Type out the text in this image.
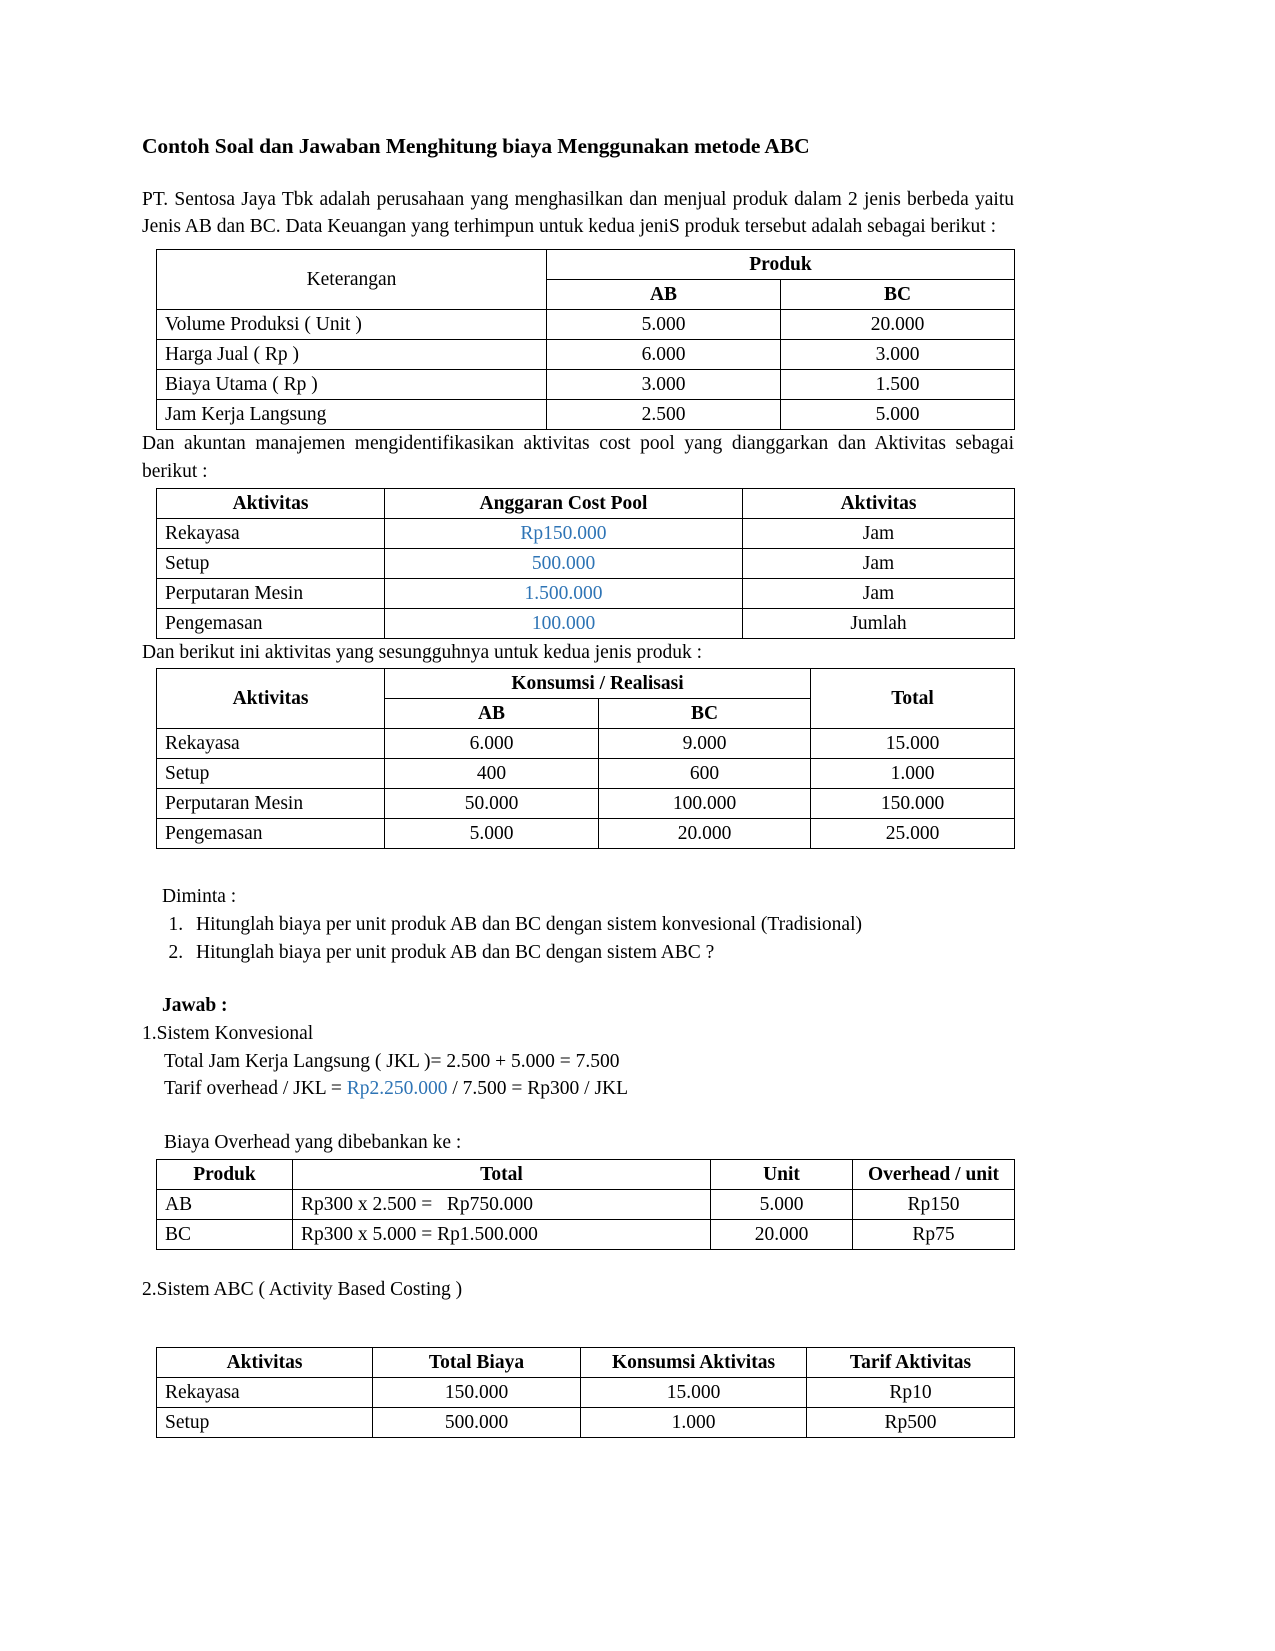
Contoh Soal dan Jawaban Menghitung biaya Menggunakan metode ABC

PT. Sentosa Jaya Tbk adalah perusahaan yang menghasilkan dan menjual produk dalam 2 jenis berbeda yaitu Jenis AB dan BC. Data Keuangan yang terhimpun untuk kedua jeniS produk tersebut adalah sebagai berikut :

Keterangan	Produk	
	AB	BC
Volume Produksi ( Unit )	5.000	20.000
Harga Jual ( Rp )	6.000	3.000
Biaya Utama ( Rp )	3.000	1.500
Jam Kerja Langsung	2.500	5.000

Dan akuntan manajemen mengidentifikasikan aktivitas cost pool yang dianggarkan dan Aktivitas sebagai berikut :

Aktivitas	Anggaran Cost Pool	Aktivitas
Rekayasa	Rp150.000	Jam
Setup	500.000	Jam
Perputaran Mesin	1.500.000	Jam
Pengemasan	100.000	Jumlah

Dan berikut ini aktivitas yang sesungguhnya untuk kedua jenis produk :

Aktivitas	Konsumsi / Realisasi		Total
	AB	BC	
Rekayasa	6.000	9.000	15.000
Setup	400	600	1.000
Perputaran Mesin	50.000	100.000	150.000
Pengemasan	5.000	20.000	25.000

Diminta :

1. Hitunglah biaya per unit produk AB dan BC dengan sistem konvesional (Tradisional)
2. Hitunglah biaya per unit produk AB dan BC dengan sistem ABC ?

Jawab :

1.Sistem Konvesional

Total Jam Kerja Langsung ( JKL )= 2.500 + 5.000 = 7.500

Tarif overhead / JKL = Rp2.250.000 / 7.500 = Rp300 / JKL

Biaya Overhead yang dibebankan ke :

Produk	Total	Unit	Overhead / unit
AB	Rp300 x 2.500 =   Rp750.000	5.000	Rp150
BC	Rp300 x 5.000 = Rp1.500.000	20.000	Rp75

2.Sistem ABC ( Activity Based Costing )

Aktivitas	Total Biaya	Konsumsi Aktivitas	Tarif Aktivitas
Rekayasa	150.000	15.000	Rp10
Setup	500.000	1.000	Rp500
